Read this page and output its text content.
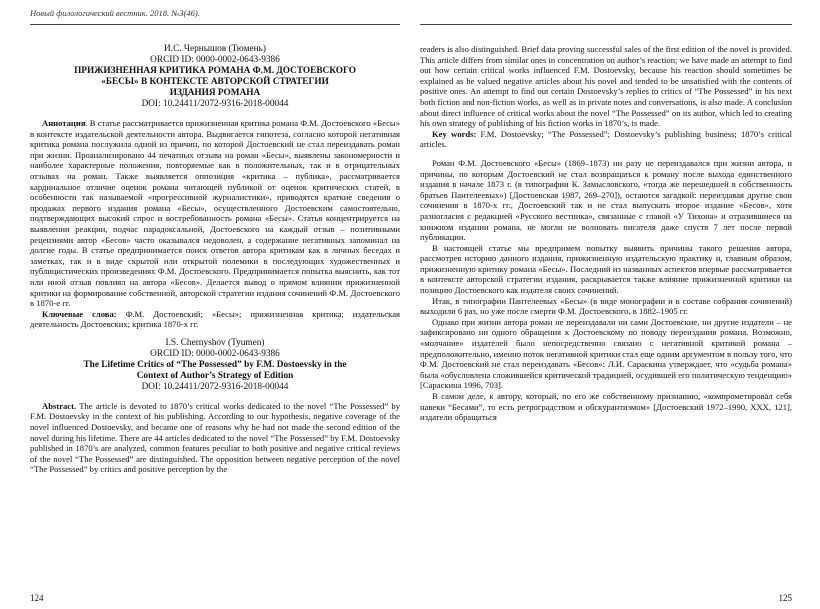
Новый филологический вестник. 2018. №3(46).

И.С. Чернышов (Тюмень)

ORCID ID: 0000-0002-0643-9386

ПРИЖИЗНЕННАЯ КРИТИКА РОМАНА Ф.М. ДОСТОЕВСКОГО

«БЕСЫ» В КОНТЕКСТЕ АВТОРСКОЙ СТРАТЕГИИ

ИЗДАНИЯ РОМАНА

DOI: 10.24411/2072-9316-2018-00044

Аннотация. В статье рассматривается прижизненная критика романа Ф.М. Достоевского «Бесы» в контексте издательской деятельности автора. Выдвигается гипотеза, согласно которой негативная критика романа послужила одной из причин, по которой Достоевский не стал переиздавать роман при жизни. Проанализировано 44 печатных отзыва на роман «Бесы», выявлены закономерности и наиболее характерные положения, повторяемые как в положительных, так и в отрицательных отзывах на роман. Также выявляется оппозиция «критика – публика», рассматривается кардинальное отличие оценок романа читающей публикой от оценок критических статей, в особенности так называемой «прогрессивной журналистики», приводятся краткие сведения о продажах первого издания романа «Бесы», осуществленного Достоевским самостоятельно, подтверждающих высокий спрос и востребованность романа «Бесы». Статья концентрируется на выявлении реакции, подчас парадоксальной, Достоевского на каждый отзыв – позитивными рецензиями автор «Бесов» часто оказывался недоволен, а содержание негативных запоминал на долгие годы. В статье предпринимается поиск ответов автора критикам как в личных беседах и заметках, так и в виде скрытой или открытой полемики в последующих художественных и публицистических произведениях Ф.М. Достоевского. Предпринимается попытка выяснить, как тот или иной отзыв повлиял на автора «Бесов». Делается вывод о прямом влиянии прижизненной критики на формирование собственной, авторской стратегии издания сочинений Ф.М. Достоевского в 1870-е гг.

Ключевые слова: Ф.М. Достоевский; «Бесы»; прижизненная критика; издательская деятельность Достоевских; критика 1870-х гг.

I.S. Chernyshov (Tyumen)

ORCID ID: 0000-0002-0643-9386

The Lifetime Critics of “The Possessed” by F.M. Dostoevsky in the

Context of Author’s Strategy of Edition

DOI: 10.24411/2072-9316-2018-00044

Abstract. The article is devoted to 1870’s critical works dedicated to the novel “The Possessed” by F.M. Dostoevsky in the context of his publishing. According to our hypothesis, negative coverage of the novel influenced Dostoevsky, and became one of reasons why he had not made the second edition of the novel during his lifetime. There are 44 articles dedicated to the novel “The Possessed” by F.M. Dostoevsky published in 1870’s are analyzed, common features peculiar to both positive and negative critical reviews of the novel “The Possessed” are distinguished. The opposition between negative perception of the novel “The Possessed” by critics and positive perception by the

124

readers is also distinguished. Brief data proving successful sales of the first edition of the novel is provided. This article differs from similar ones in concentration on author’s reaction; we have made an attempt to find out how certain critical works influenced F.M. Dostoevsky, because his reaction should sometimes be explained as he valued negative articles about his novel and tended to be unsatisfied with the contents of positive ones. An attempt to find out certain Dostoevsky’s replies to critics of “The Possessed” in his next both fiction and non-fiction works, as well as in private notes and conversations, is also made. A conclusion about direct influence of critical works about the novel “The Possessed” on its author, which led to creating his own strategy of publishing of his fiction works in 1870’s, is made.

Key words: F.M. Dostoevsky; “The Possessed”; Dostoevsky’s publishing business; 1870’s critical articles.

Роман Ф.М. Достоевского «Бесы» (1869–1873) ни разу не переиздавался при жизни автора, и причины, по которым Достоевский не стал возвращаться к роману после выхода единственного издания в начале 1873 г. (в типографии К. Замысловского, «тогда же перешедшей в собственность братьев Пантелеевых») [Достоевская 1987, 269–270]), остаются загадкой: переиздавая другие свои сочинения в 1870-х гг., Достоевский так и не стал выпускать второе издание «Бесов», хотя разногласия с редакцией «Русского вестника», связанные с главой «У Тихона» и отразившиеся на книжном издании романа, не могли не волновать писателя даже спустя 7 лет после первой публикации.

В настоящей статье мы предпримем попытку выявить причины такого решения автора, рассмотрев историю данного издания, прижизненную издательскую практику и, главным образом, прижизненную критику романа «Бесы». Последний из названных аспектов впервые рассматривается в контексте авторской стратегии издания, раскрывается также влияние прижизненной критики на позицию Достоевского как издателя своих сочинений.

Итак, в типографии Пантелеевых «Бесы» (в виде монографии и в составе собрания сочинений) выходили 6 раз, но уже после смерти Ф.М. Достоевского, в 1882–1905 гг.

Однако при жизни автора роман не переиздавали ни сами Достоевские, ни другие издатели – не зафиксировано ни одного обращения к Достоевскому по поводу переиздания романа. Возможно, «молчание» издателей было непосредственно связано с негативной критикой романа – предположительно, именно поток негативной критики стал еще одним аргументом в пользу того, что Ф.М. Достоевский не стал переиздавать «Бесов»: Л.И. Сараскина утверждает, что «судьба романа» была «обусловлена сложившейся критической традицией, осудившей его политическую тенденцию» [Сараскина 1996, 703].

В самом деле, к автору, который, по его же собственному признанию, «компрометировал себя навеки “Бесами”, то есть ретроградством и обскурантизмом» [Достоевский 1972–1990, ХХХ, 121], издатели обращаться

125
